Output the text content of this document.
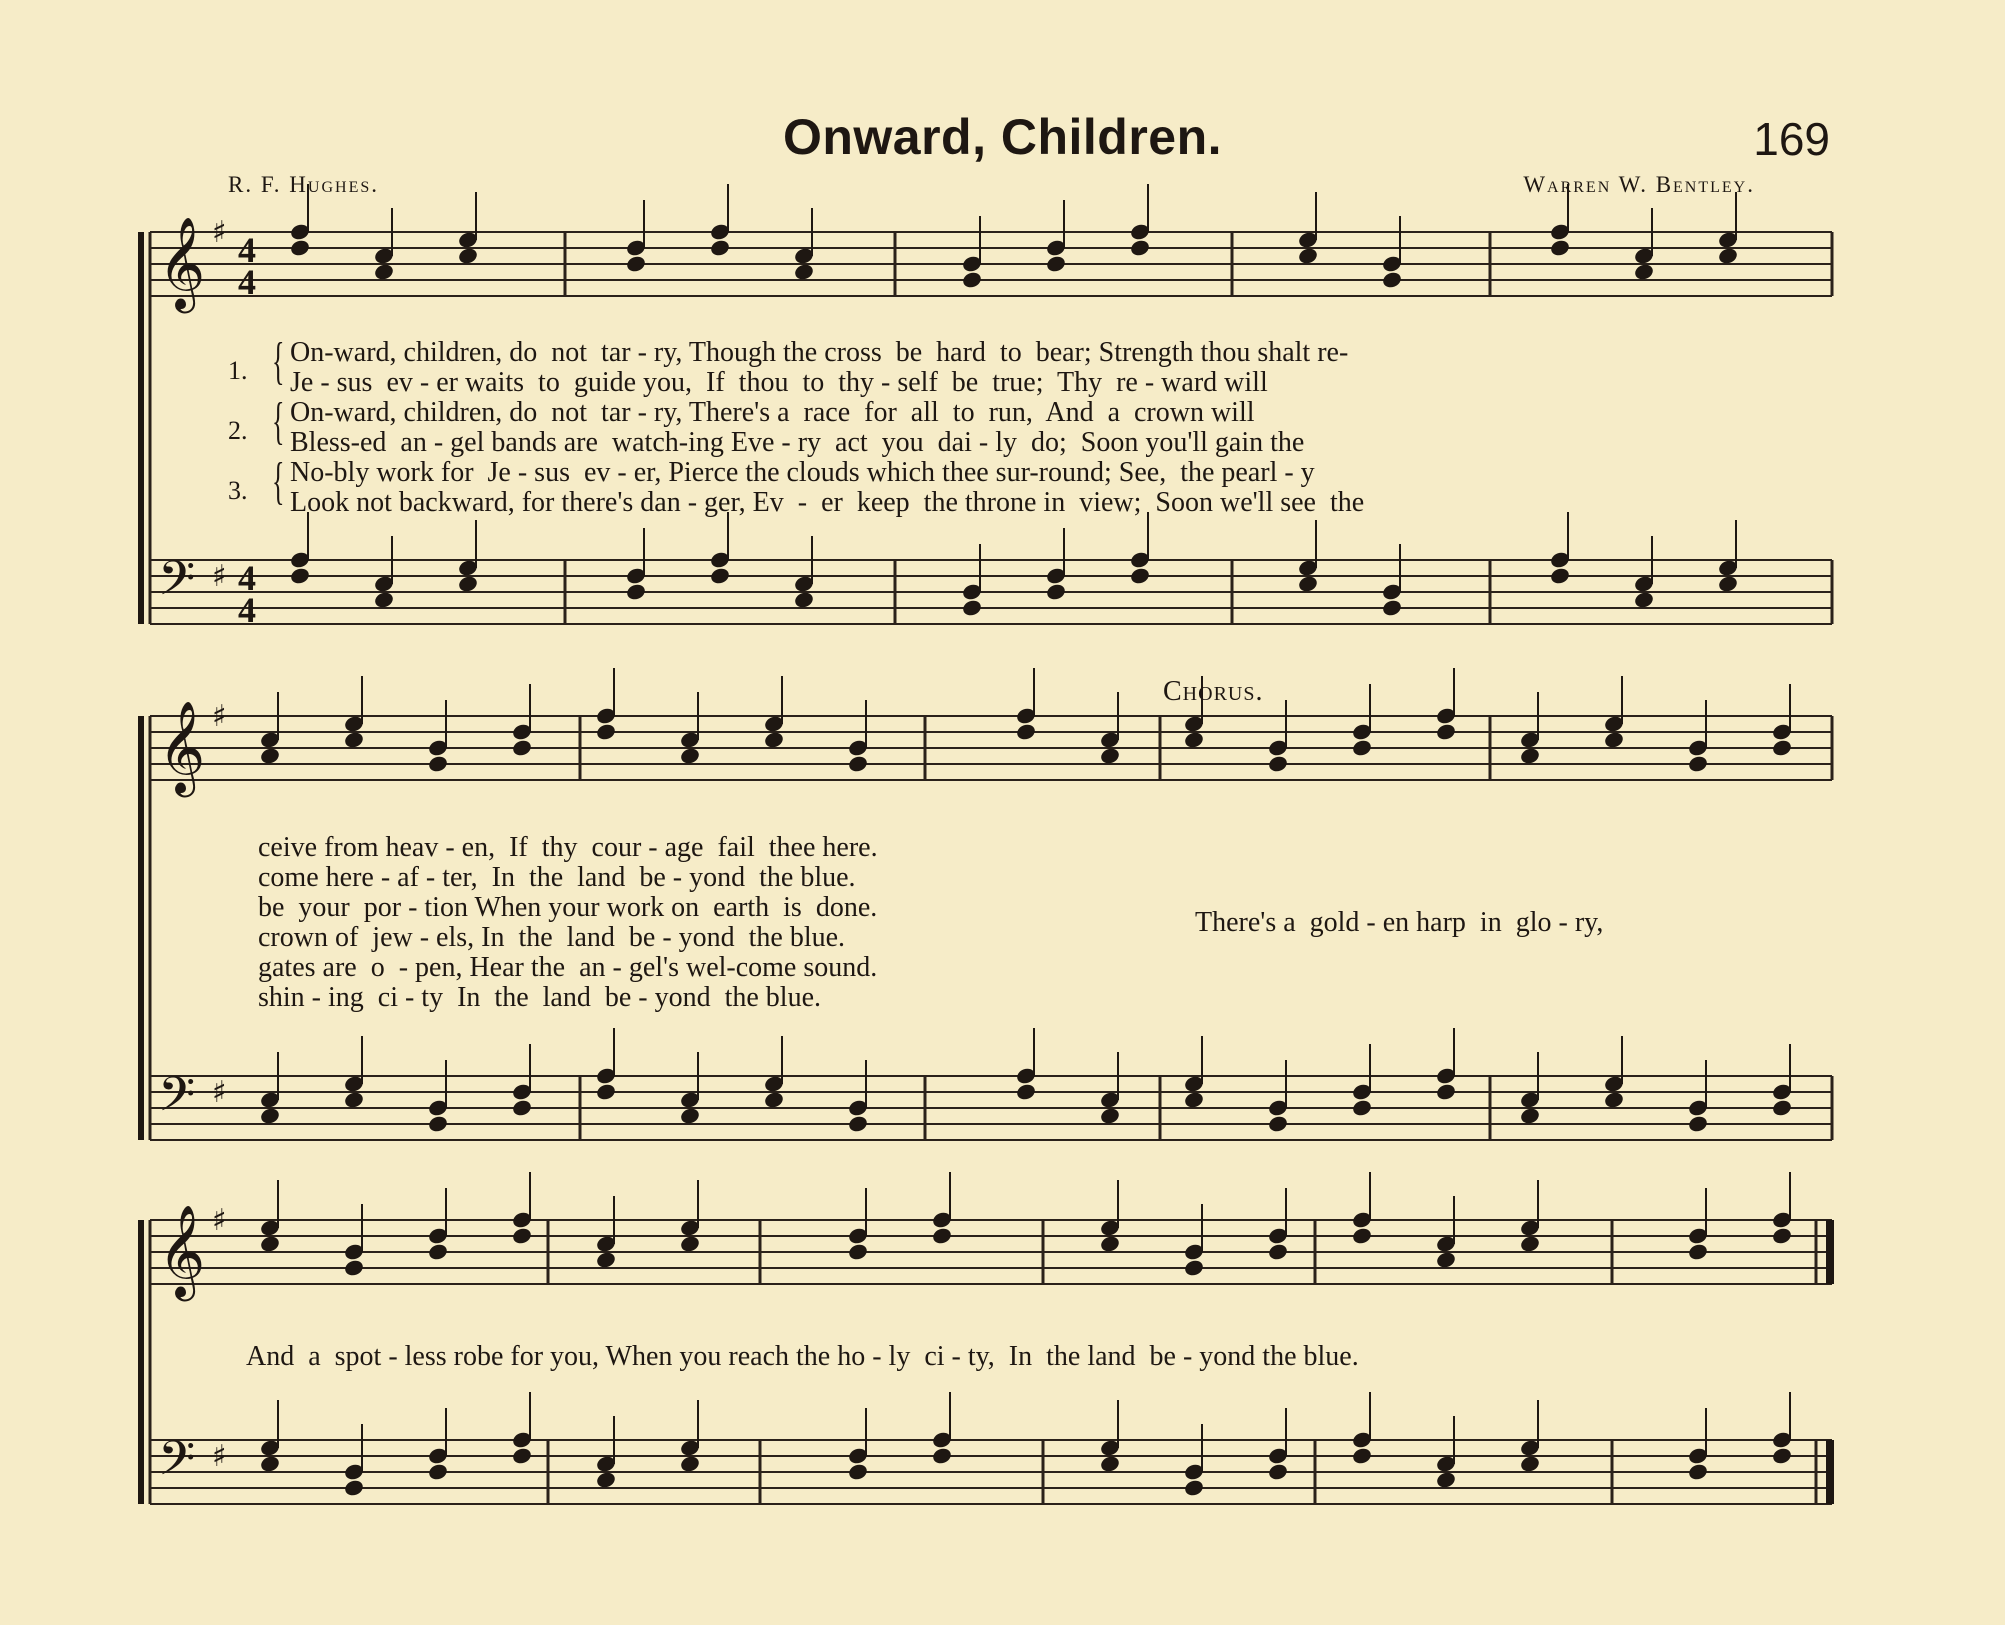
Onward, Children.	169
R. F. Hughes.	Warren W. Bentley.
𝄞 ♯ 4
4
𝄢 ♯ 4
4
𝄞 ♯
𝄢 ♯
𝄞 ♯
𝄢 ♯
1. { On-ward, children, do  not  tar - ry, Though the cross  be  hard  to  bear; Strength thou shalt re-
Je - sus  ev - er waits  to  guide you,  If  thou  to  thy - self  be  true;  Thy  re - ward will
2. { On-ward, children, do  not  tar - ry, There's a  race  for  all  to  run,  And  a  crown will
Bless-ed  an - gel bands are  watch-ing Eve - ry  act  you  dai - ly  do;  Soon you'll gain the
3. { No-bly work for  Je - sus  ev - er, Pierce the clouds which thee sur-round; See,  the pearl - y
Look not backward, for there's dan - ger, Ev  -  er  keep  the throne in  view;  Soon we'll see  the
Chorus.
ceive from heav - en,  If  thy  cour - age  fail  thee here.
come here - af - ter,  In  the  land  be - yond  the blue.
be  your  por - tion When your work on  earth  is  done.
crown of  jew - els, In  the  land  be - yond  the blue.
gates are  o  - pen, Hear the  an - gel's wel-come sound.
shin - ing  ci - ty  In  the  land  be - yond  the blue.
There's a  gold - en harp  in  glo - ry,
And  a  spot - less robe for you, When you reach the ho - ly  ci - ty,  In  the land  be - yond the blue.
